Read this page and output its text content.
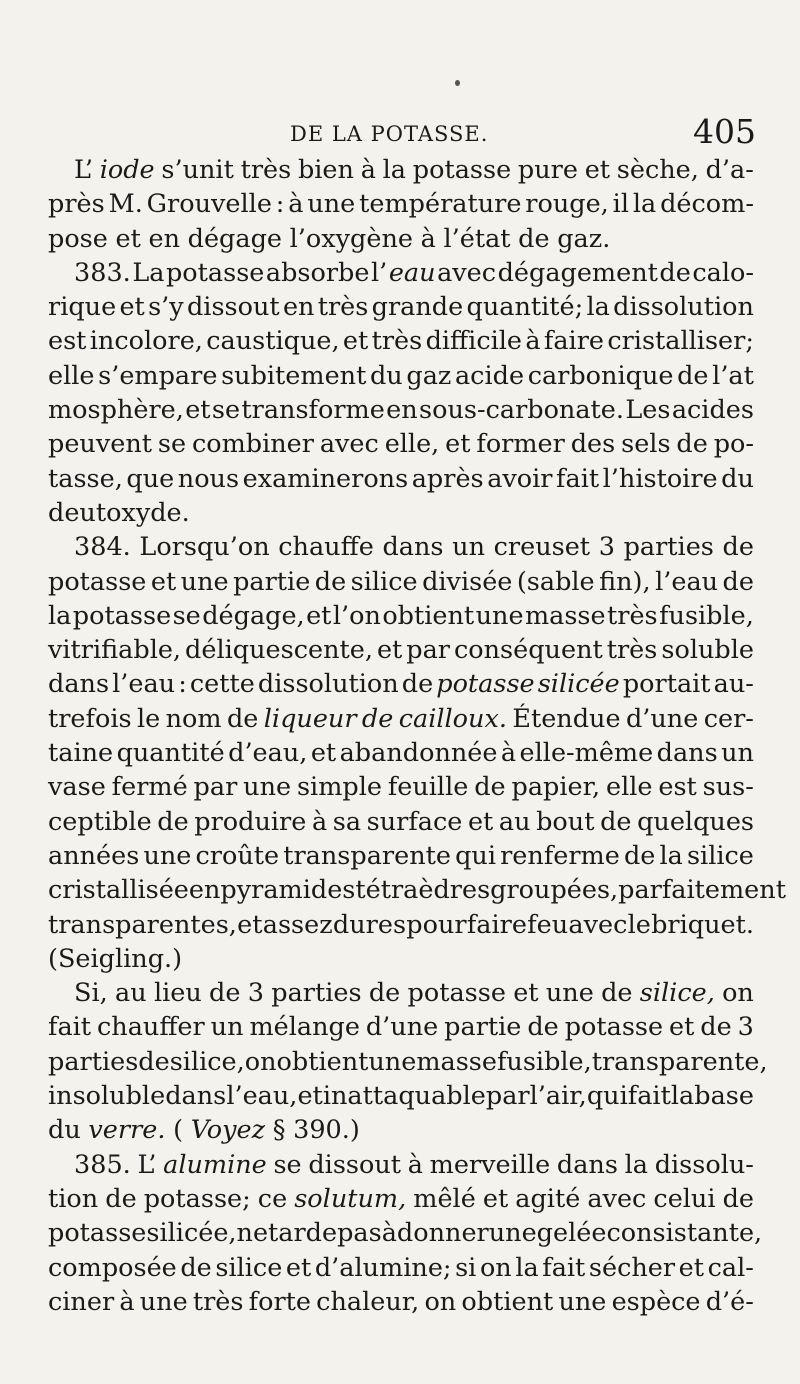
DE LA POTASSE.	405
L’ iode s’unit très bien à la potasse pure et sèche, d’a-
près M. Grouvelle : à une température rouge, il la décom-
pose et en dégage l’oxygène à l’état de gaz.
383. La potasse absorbe l’ eau avec dégagement de calo-
rique et s’y dissout en très grande quantité; la dissolution
est incolore, caustique, et très difficile à faire cristalliser;
elle s’empare subitement du gaz acide carbonique de l’at
mosphère, et se transforme en sous-carbonate. Les acides
peuvent se combiner avec elle, et former des sels de po-
tasse, que nous examinerons après avoir fait l’histoire du
deutoxyde.
384. Lorsqu’on chauffe dans un creuset 3 parties de
potasse et une partie de silice divisée (sable fin), l’eau de
la potasse se dégage, et l’on obtient une masse très fusible,
vitrifiable, déliquescente, et par conséquent très soluble
dans l’eau : cette dissolution de potasse silicée portait au-
trefois le nom de liqueur de cailloux. Étendue d’une cer-
taine quantité d’eau, et abandonnée à elle-même dans un
vase fermé par une simple feuille de papier, elle est sus-
ceptible de produire à sa surface et au bout de quelques
années une croûte transparente qui renferme de la silice
cristallisée en pyramides tétraèdres groupées, parfaitement
transparentes, et assez dures pour faire feu avec le briquet.
(Seigling.)
Si, au lieu de 3 parties de potasse et une de silice, on
fait chauffer un mélange d’une partie de potasse et de 3
parties de silice, on obtient une masse fusible, transparente,
insoluble dans l’eau, et inattaquable par l’air, qui fait la base
du verre. ( Voyez § 390.)
385. L’ alumine se dissout à merveille dans la dissolu-
tion de potasse; ce solutum, mêlé et agité avec celui de
potasse silicée, ne tarde pas à donner une gelée consistante,
composée de silice et d’alumine; si on la fait sécher et cal-
ciner à une très forte chaleur, on obtient une espèce d’é-
